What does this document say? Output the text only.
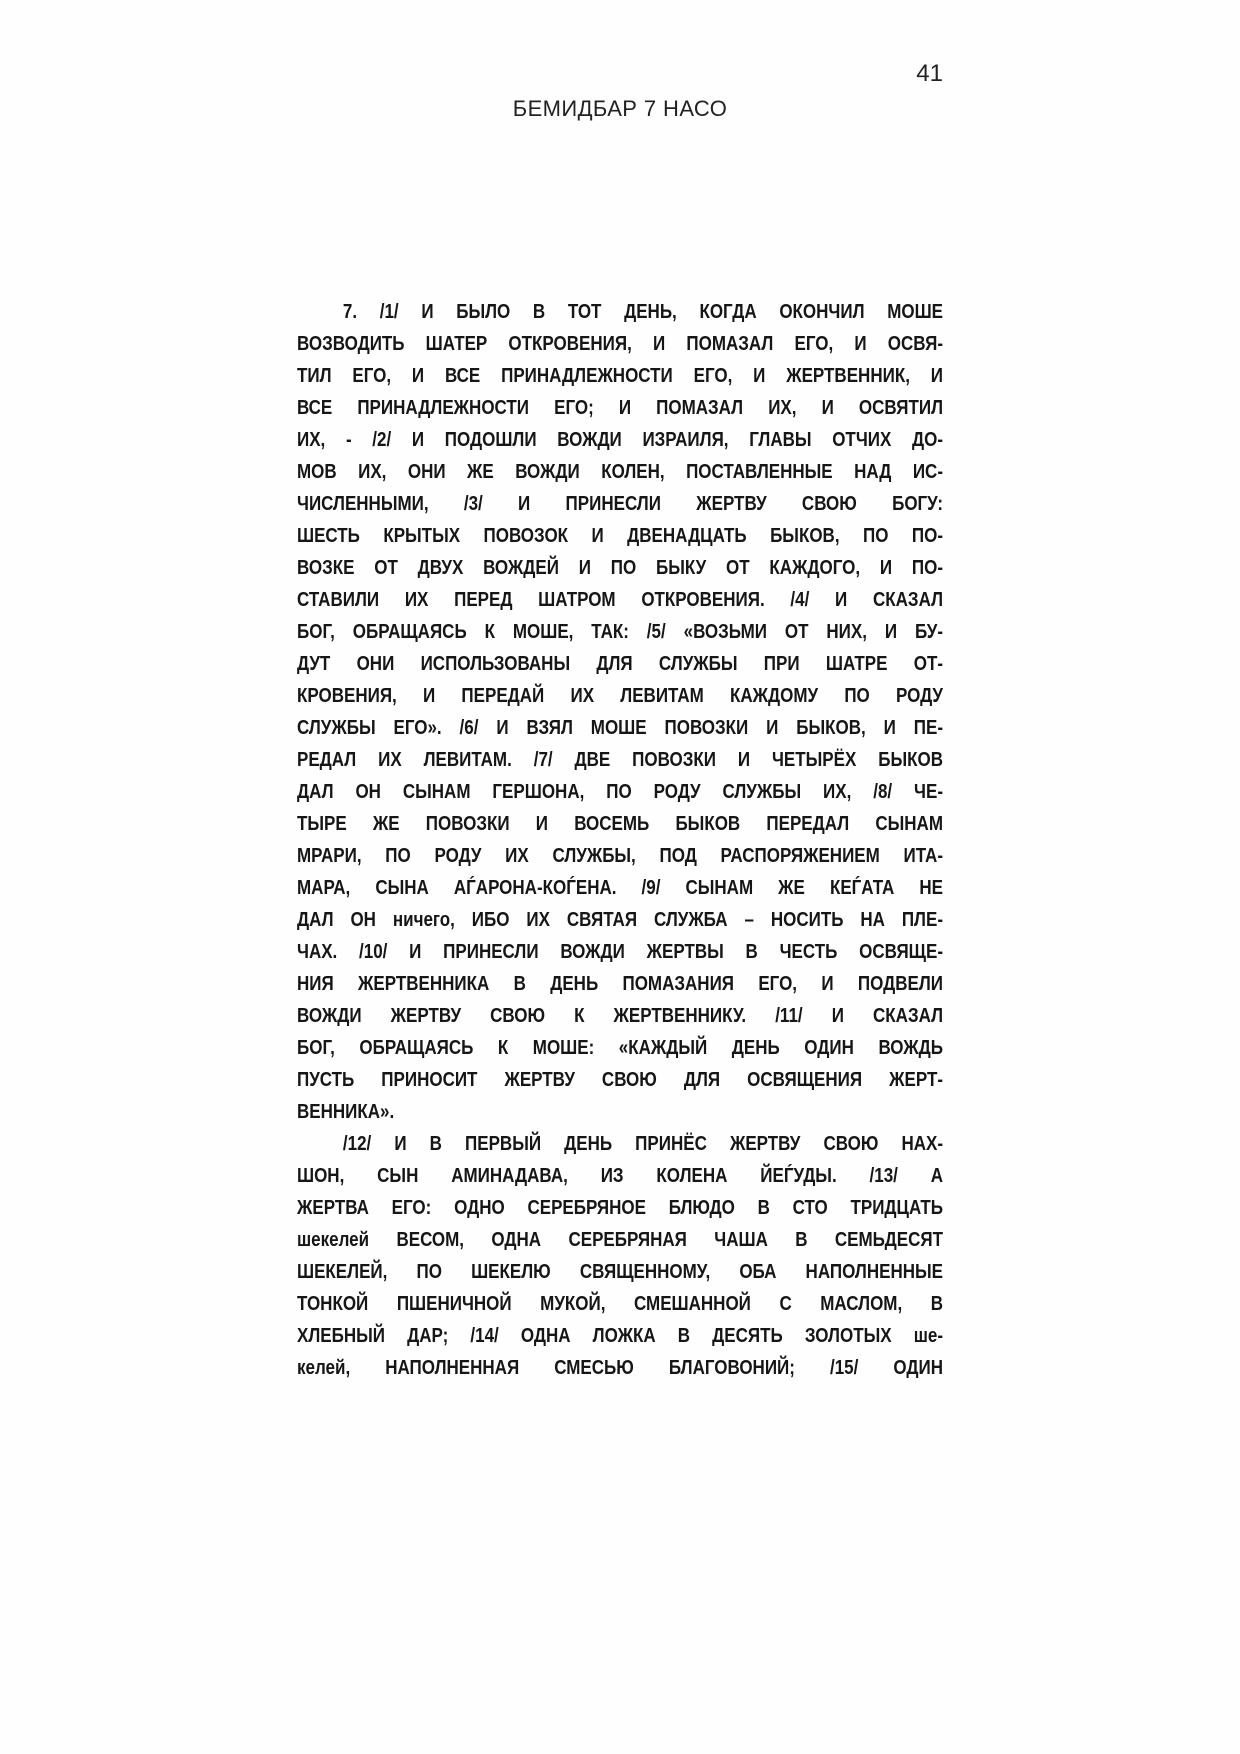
41
БЕМИДБАР 7 НАСО
7. /1/ И БЫЛО В ТОТ ДЕНЬ, КОГДА ОКОНЧИЛ МОШЕ
ВОЗВОДИТЬ ШАТЕР ОТКРОВЕНИЯ, И ПОМАЗАЛ ЕГО, И ОСВЯ-
ТИЛ ЕГО, И ВСЕ ПРИНАДЛЕЖНОСТИ ЕГО, И ЖЕРТВЕННИК, И
ВСЕ ПРИНАДЛЕЖНОСТИ ЕГО; И ПОМАЗАЛ ИХ, И ОСВЯТИЛ
ИХ, - /2/ И ПОДОШЛИ ВОЖДИ ИЗРАИЛЯ, ГЛАВЫ ОТЧИХ ДО-
МОВ ИХ, ОНИ ЖЕ ВОЖДИ КОЛЕН, ПОСТАВЛЕННЫЕ НАД ИС-
ЧИСЛЕННЫМИ, /3/ И ПРИНЕСЛИ ЖЕРТВУ СВОЮ БОГУ:
ШЕСТЬ КРЫТЫХ ПОВОЗОК И ДВЕНАДЦАТЬ БЫКОВ, ПО ПО-
ВОЗКЕ ОТ ДВУХ ВОЖДЕЙ И ПО БЫКУ ОТ КАЖДОГО, И ПО-
СТАВИЛИ ИХ ПЕРЕД ШАТРОМ ОТКРОВЕНИЯ. /4/ И СКАЗАЛ
БОГ, ОБРАЩАЯСЬ К МОШЕ, ТАК: /5/ «ВОЗЬМИ ОТ НИХ, И БУ-
ДУТ ОНИ ИСПОЛЬЗОВАНЫ ДЛЯ СЛУЖБЫ ПРИ ШАТРЕ ОТ-
КРОВЕНИЯ, И ПЕРЕДАЙ ИХ ЛЕВИТАМ КАЖДОМУ ПО РОДУ
СЛУЖБЫ ЕГО». /6/ И ВЗЯЛ МОШЕ ПОВОЗКИ И БЫКОВ, И ПЕ-
РЕДАЛ ИХ ЛЕВИТАМ. /7/ ДВЕ ПОВОЗКИ И ЧЕТЫРЁХ БЫКОВ
ДАЛ ОН СЫНАМ ГЕРШОНА, ПО РОДУ СЛУЖБЫ ИХ, /8/ ЧЕ-
ТЫРЕ ЖЕ ПОВОЗКИ И ВОСЕМЬ БЫКОВ ПЕРЕДАЛ СЫНАМ
МРАРИ, ПО РОДУ ИХ СЛУЖБЫ, ПОД РАСПОРЯЖЕНИЕМ ИТА-
МАРА, СЫНА АЃАРОНА-КОЃЕНА. /9/ СЫНАМ ЖЕ КЕЃАТА НЕ
ДАЛ ОН ничего, ИБО ИХ СВЯТАЯ СЛУЖБА – НОСИТЬ НА ПЛЕ-
ЧАХ. /10/ И ПРИНЕСЛИ ВОЖДИ ЖЕРТВЫ В ЧЕСТЬ ОСВЯЩЕ-
НИЯ ЖЕРТВЕННИКА В ДЕНЬ ПОМАЗАНИЯ ЕГО, И ПОДВЕЛИ
ВОЖДИ ЖЕРТВУ СВОЮ К ЖЕРТВЕННИКУ. /11/ И СКАЗАЛ
БОГ, ОБРАЩАЯСЬ К МОШЕ: «КАЖДЫЙ ДЕНЬ ОДИН ВОЖДЬ
ПУСТЬ ПРИНОСИТ ЖЕРТВУ СВОЮ ДЛЯ ОСВЯЩЕНИЯ ЖЕРТ-
ВЕННИКА».
/12/ И В ПЕРВЫЙ ДЕНЬ ПРИНЁС ЖЕРТВУ СВОЮ НАХ-
ШОН, СЫН АМИНАДАВА, ИЗ КОЛЕНА ЙЕЃУДЫ. /13/ А
ЖЕРТВА ЕГО: ОДНО СЕРЕБРЯНОЕ БЛЮДО В СТО ТРИДЦАТЬ
шекелей ВЕСОМ, ОДНА СЕРЕБРЯНАЯ ЧАША В СЕМЬДЕСЯТ
ШЕКЕЛЕЙ, ПО ШЕКЕЛЮ СВЯЩЕННОМУ, ОБА НАПОЛНЕННЫЕ
ТОНКОЙ ПШЕНИЧНОЙ МУКОЙ, СМЕШАННОЙ С МАСЛОМ, В
ХЛЕБНЫЙ ДАР; /14/ ОДНА ЛОЖКА В ДЕСЯТЬ ЗОЛОТЫХ ше-
келей, НАПОЛНЕННАЯ СМЕСЬЮ БЛАГОВОНИЙ; /15/ ОДИН
